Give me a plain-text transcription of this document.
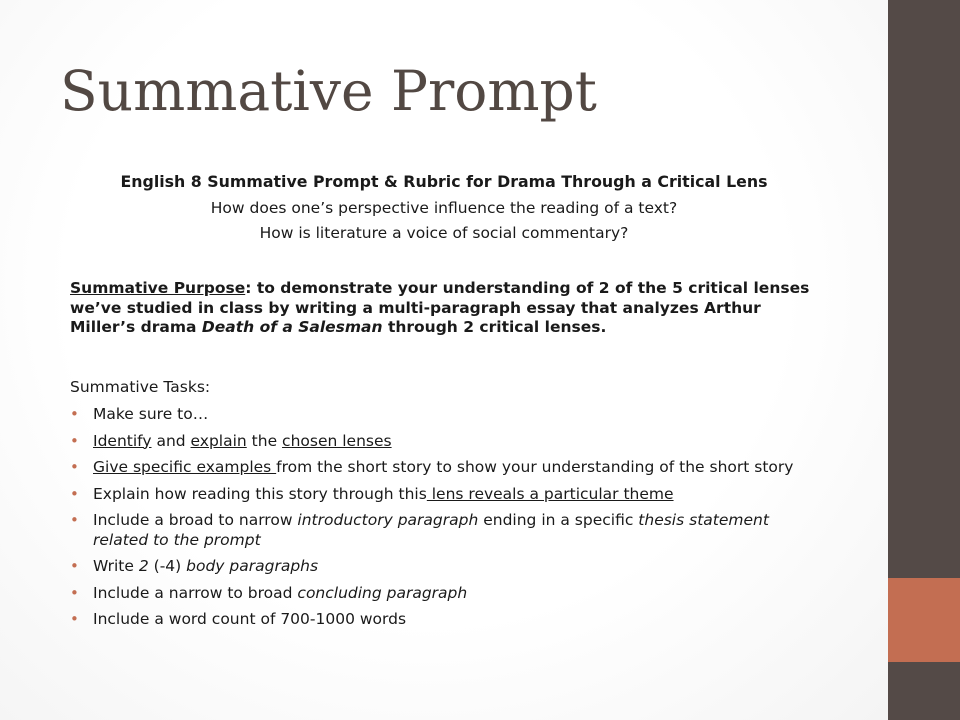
Summative Prompt
English 8 Summative Prompt & Rubric for Drama Through a Critical Lens

How does one’s perspective influence the reading of a text?

How is literature a voice of social commentary?

Summative Purpose: to demonstrate your understanding of 2 of the 5 critical lenses we’ve studied in class by writing a multi-paragraph essay that analyzes Arthur Miller’s drama Death of a Salesman through 2 critical lenses.
Summative Tasks:
• Make sure to…
• Identify and explain the chosen lenses
• Give specific examples from the short story to show your understanding of the short story
• Explain how reading this story through this lens reveals a particular theme
• Include a broad to narrow introductory paragraph ending in a specific thesis statement related to the prompt
• Write 2 (-4) body paragraphs
• Include a narrow to broad concluding paragraph
• Include a word count of 700-1000 words
